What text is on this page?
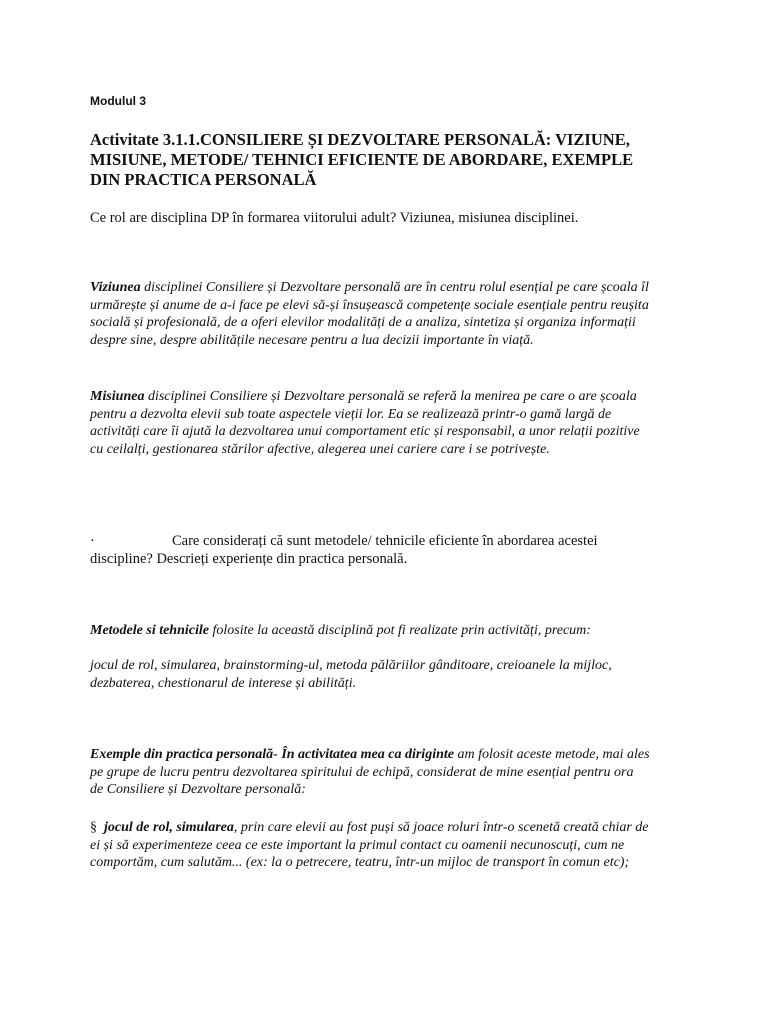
Modulul 3

Activitate 3.1.1.CONSILIERE ȘI DEZVOLTARE PERSONALĂ: VIZIUNE, MISIUNE, METODE/ TEHNICI EFICIENTE DE ABORDARE, EXEMPLE DIN PRACTICA PERSONALĂ

Ce rol are disciplina DP în formarea viitorului adult? Viziunea, misiunea disciplinei.

Viziunea disciplinei Consiliere și Dezvoltare personală are în centru rolul esențial pe care școala îl urmărește și anume de a-i face pe elevi să-și însușească competențe sociale esențiale pentru reușita socială și profesională, de a oferi elevilor modalități de a analiza, sintetiza și organiza informații despre sine, despre abilitățile necesare pentru a lua decizii importante în viață.

Misiunea disciplinei Consiliere și Dezvoltare personală se referă la menirea pe care o are școala pentru a dezvolta elevii sub toate aspectele vieții lor. Ea se realizează printr-o gamă largă de activități care îi ajută la dezvoltarea unui comportament etic și responsabil, a unor relații pozitive cu ceilalți, gestionarea stărilor afective, alegerea unei cariere care i se potrivește.

·	Care considerați că sunt metodele/ tehnicile eficiente în abordarea acestei discipline? Descrieți experiențe din practica personală.

Metodele si tehnicile folosite la această disciplină pot fi realizate prin activități, precum:

jocul de rol, simularea, brainstorming-ul, metoda pălăriilor gânditoare, creioanele la mijloc, dezbaterea, chestionarul de interese și abilități.

Exemple din practica personală- În activitatea mea ca diriginte am folosit aceste metode, mai ales pe grupe de lucru pentru dezvoltarea spiritului de echipă, considerat de mine esențial pentru ora de Consiliere și Dezvoltare personală:

§ jocul de rol, simularea, prin care elevii au fost puși să joace roluri într-o scenetă creată chiar de ei și să experimenteze ceea ce este important la primul contact cu oamenii necunoscuți, cum ne comportăm, cum salutăm... (ex: la o petrecere, teatru, într-un mijloc de transport în comun etc);
